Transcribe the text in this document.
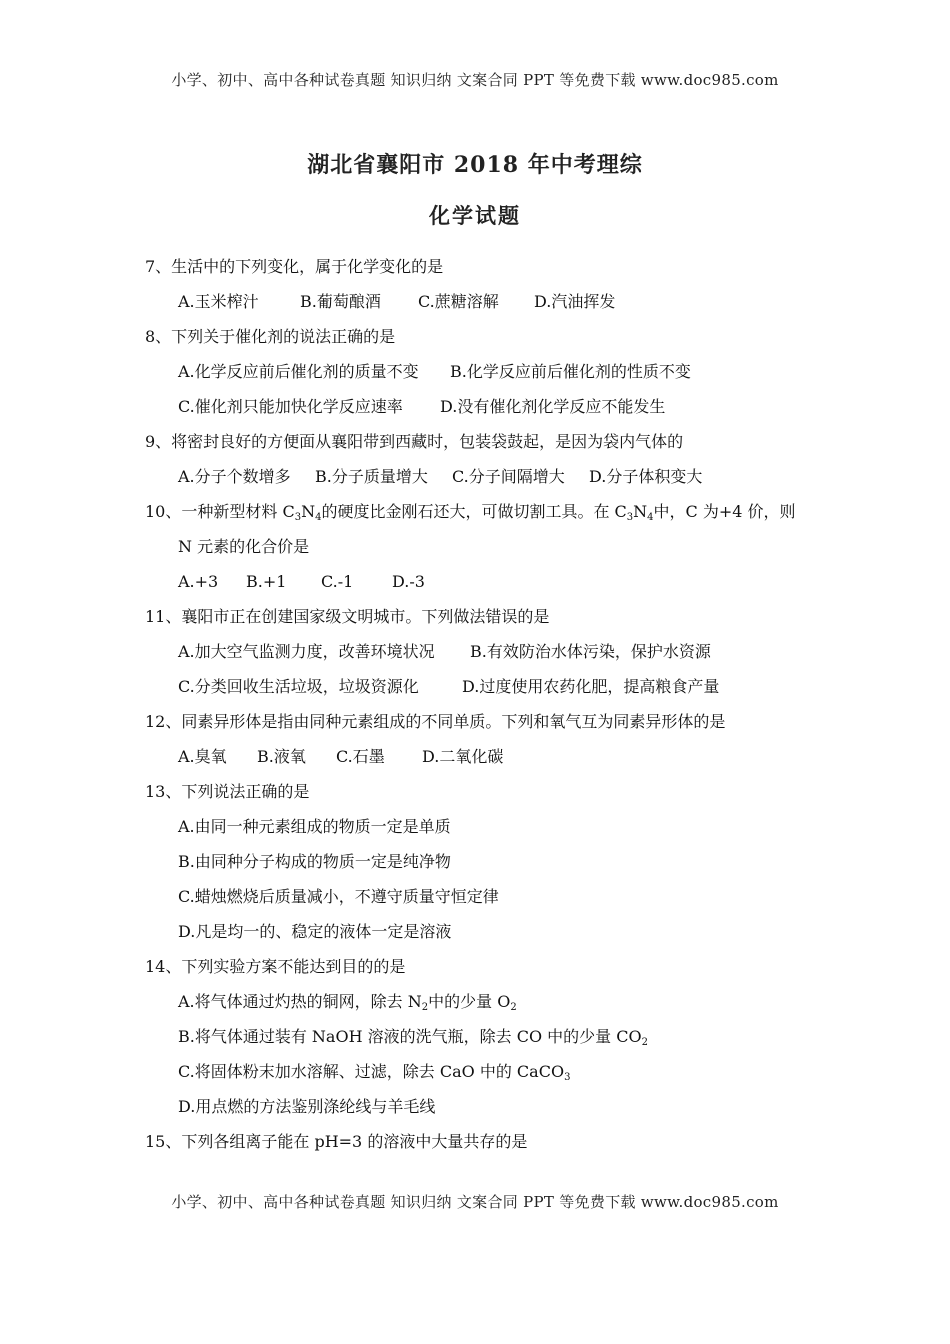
小学、初中、高中各种试卷真题 知识归纳 文案合同 PPT 等免费下载 www.doc985.com
湖北省襄阳市 2018 年中考理综
化学试题
7、生活中的下列变化，属于化学变化的是
A.玉米榨汁	B.葡萄酿酒 C.蔗糖溶解 D.汽油挥发
8、下列关于催化剂的说法正确的是
A.化学反应前后催化剂的质量不变 B.化学反应前后催化剂的性质不变
C.催化剂只能加快化学反应速率 D.没有催化剂化学反应不能发生
9、将密封良好的方便面从襄阳带到西藏时，包装袋鼓起，是因为袋内气体的
A.分子个数增多 B.分子质量增大 C.分子间隔增大 D.分子体积变大
10、一种新型材料 $C_3N_4$的硬度比金刚石还大，可做切割工具。在 $C_3N_4$中，C 为+4 价，则
N 元素的化合价是
A.+3 B.+1 C.-1 D.-3
11、襄阳市正在创建国家级文明城市。下列做法错误的是
A.加大空气监测力度，改善环境状况 B.有效防治水体污染，保护水资源
C.分类回收生活垃圾，垃圾资源化	D.过度使用农药化肥，提高粮食产量
12、同素异形体是指由同种元素组成的不同单质。下列和氧气互为同素异形体的是
A.臭氧 B.液氧 C.石墨 D.二氧化碳
13、下列说法正确的是
A.由同一种元素组成的物质一定是单质
B.由同种分子构成的物质一定是纯净物
C.蜡烛燃烧后质量减小，不遵守质量守恒定律
D.凡是均一的、稳定的液体一定是溶液
14、下列实验方案不能达到目的的是
A.将气体通过灼热的铜网，除去 $N_2$中的少量 $O_2$
B.将气体通过装有 NaOH 溶液的洗气瓶，除去 CO 中的少量 $CO_2$
C.将固体粉末加水溶解、过滤，除去 CaO 中的 CaCO$_3$
D.用点燃的方法鉴别涤纶线与羊毛线
15、下列各组离子能在 pH=3 的溶液中大量共存的是
小学、初中、高中各种试卷真题 知识归纳 文案合同 PPT 等免费下载 www.doc985.com
